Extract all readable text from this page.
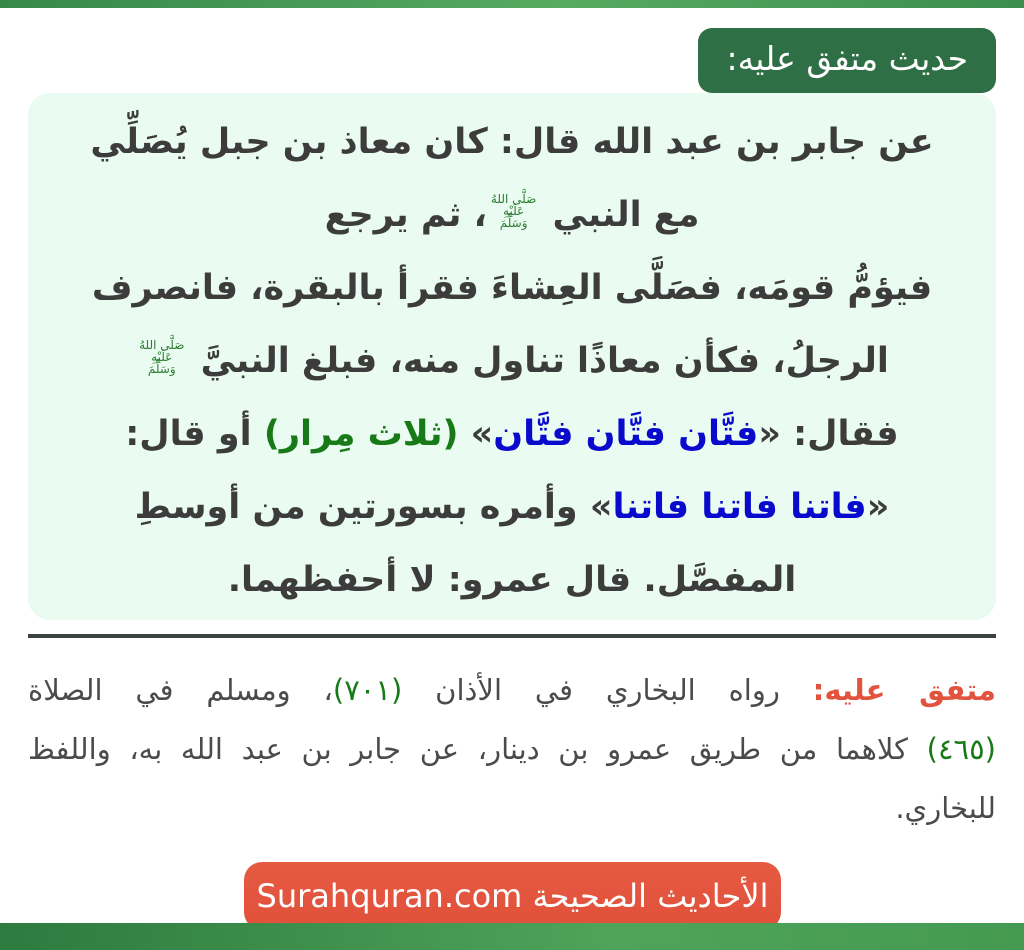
حديث متفق عليه:
عن جابر بن عبد الله قال: كان معاذ بن جبل يُصَلِّي
مع النبي
صَلَّى اللهُ
عَلَيْهِ
وَسَلَّمَ
، ثم يرجع
فيؤمُّ قومَه، فصَلَّى العِشاءَ فقرأ بالبقرة، فانصرف
الرجلُ، فكأن معاذًا تناول منه، فبلغ النبيَّ
صَلَّى اللهُ
عَلَيْهِ
وَسَلَّمَ
فقال: «فتَّان فتَّان فتَّان» (ثلاث مِرار) أو قال:
«فاتنا فاتنا فاتنا» وأمره بسورتين من أوسطِ
المفصَّل. قال عمرو: لا أحفظهما.
متفق عليه: رواه البخاري في الأذان (٧٠١)، ومسلم في الصلاة
(٤٦٥) كلاهما من طريق عمرو بن دينار، عن جابر بن عبد الله به، واللفظ
للبخاري.
الأحاديث الصحيحة Surahquran.com
